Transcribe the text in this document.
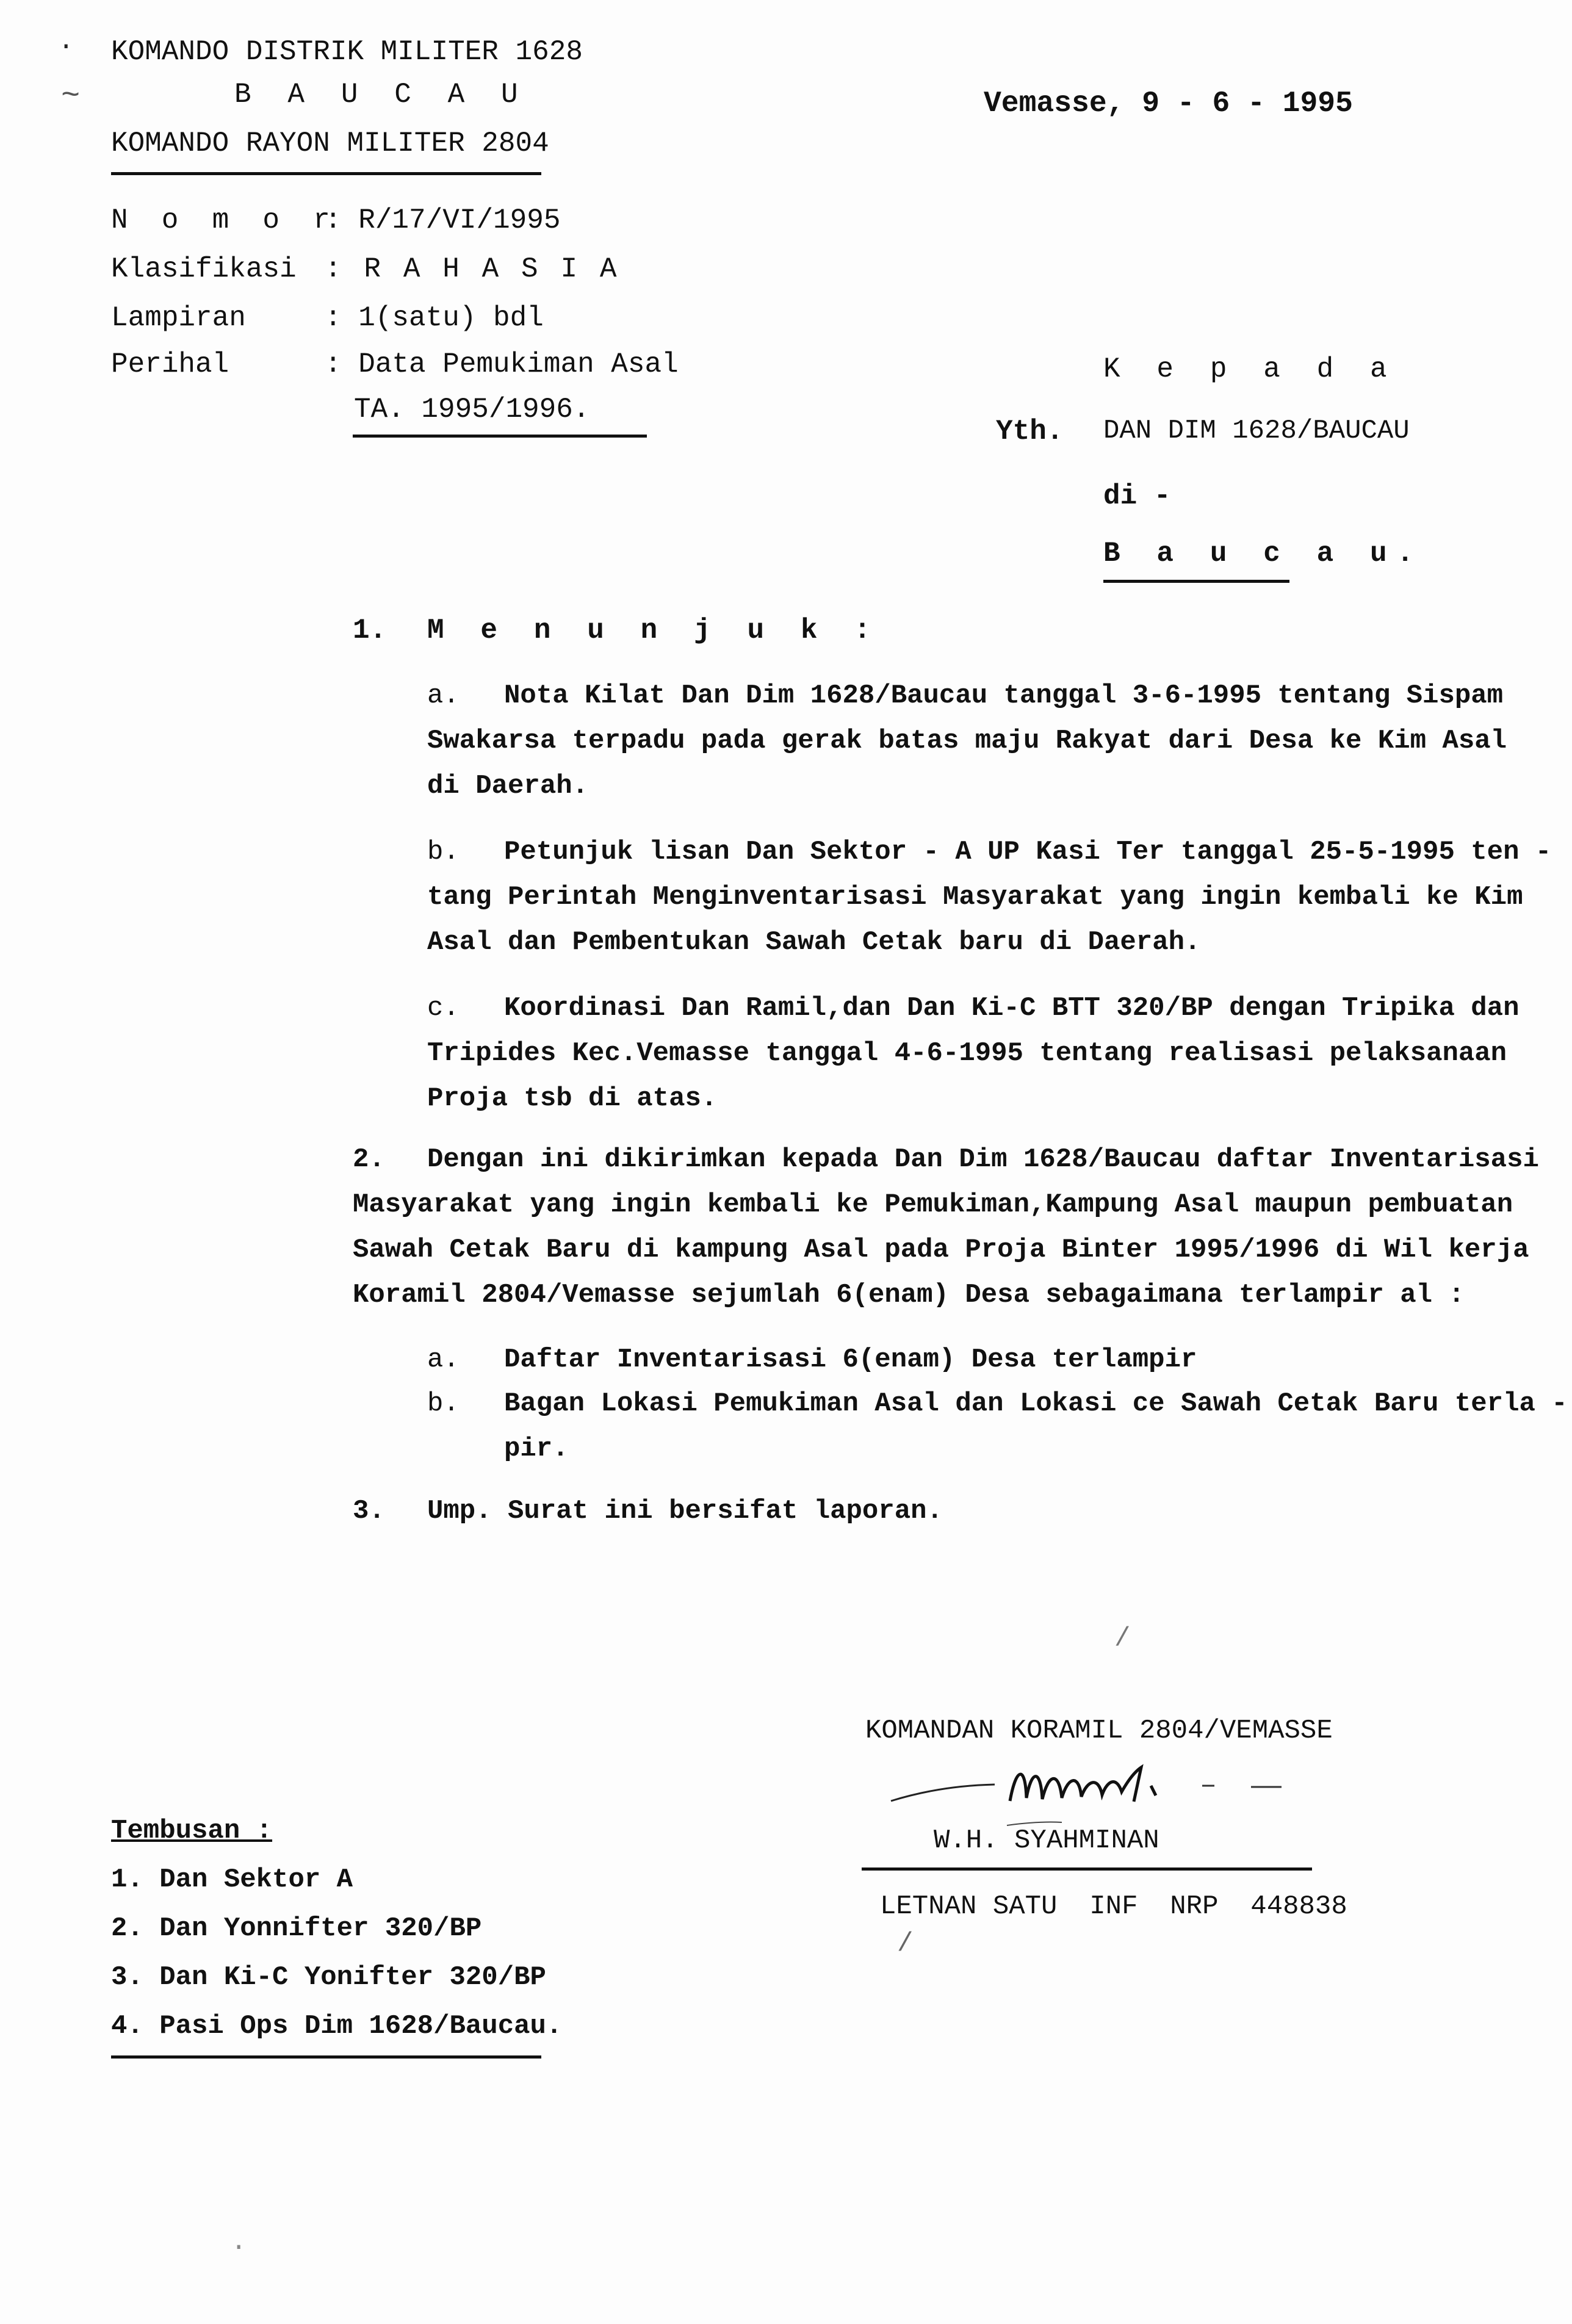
·
~
KOMANDO DISTRIK MILITER 1628
B A U C A U
KOMANDO RAYON MILITER 2804
Vemasse, 9 - 6 - 1995
N o m o r
: R/17/VI/1995
Klasifikasi : R A H A S I A
Lampiran	: 1(satu) bdl
Perihal	: Data Pemukiman Asal
TA. 1995/1996.
K e p a d a
Yth. DAN DIM 1628/BAUCAU
di -
B a u c a u.
1. M e n u n j u k :
a. Nota Kilat Dan Dim 1628/Baucau tanggal 3-6-1995 tentang Sispam
Swakarsa terpadu pada gerak batas maju Rakyat dari Desa ke Kim Asal
di Daerah.
b. Petunjuk lisan Dan Sektor - A UP Kasi Ter tanggal 25-5-1995 ten -
tang Perintah Menginventarisasi Masyarakat yang ingin kembali ke Kim
Asal dan Pembentukan Sawah Cetak baru di Daerah.
c. Koordinasi Dan Ramil,dan Dan Ki-C BTT 320/BP dengan Tripika dan
Tripides Kec.Vemasse tanggal 4-6-1995 tentang realisasi pelaksanaan
Proja tsb di atas.
2. Dengan ini dikirimkan kepada Dan Dim 1628/Baucau daftar Inventarisasi
Masyarakat yang ingin kembali ke Pemukiman,Kampung Asal maupun pembuatan
Sawah Cetak Baru di kampung Asal pada Proja Binter 1995/1996 di Wil kerja
Koramil 2804/Vemasse sejumlah 6(enam) Desa sebagaimana terlampir al :
a. Daftar Inventarisasi 6(enam) Desa terlampir
b. Bagan Lokasi Pemukiman Asal dan Lokasi ce Sawah Cetak Baru terla -
pir.
3. Ump. Surat ini bersifat laporan.
/
KOMANDAN KORAMIL 2804/VEMASSE
W.H. SYAHMINAN
LETNAN SATU  INF  NRP  448838
/
Tembusan :
1. Dan Sektor A
2. Dan Yonnifter 320/BP
3. Dan Ki-C Yonifter 320/BP
4. Pasi Ops Dim 1628/Baucau.
·
